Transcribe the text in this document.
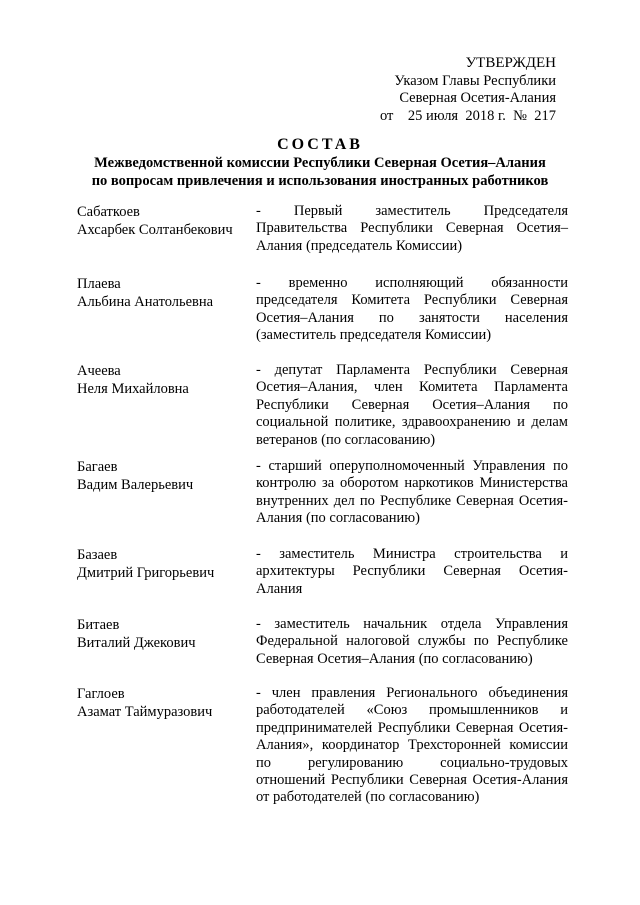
УТВЕРЖДЕН
Указом Главы Республики
Северная Осетия-Алания
от    25 июля  2018 г.  №  217
СОСТАВ
Межведомственной комиссии Республики Северная Осетия–Алания
по вопросам привлечения и использования иностранных работников
Сабаткоев
Ахсарбек Солтанбекович
- Первый заместитель Председателя Правительства Республики Северная Осетия–Алания (председатель Комиссии)
Плаева
Альбина Анатольевна
- временно исполняющий обязанности председателя Комитета Республики Северная Осетия–Алания по занятости населения (заместитель председателя Комиссии)
Ачеева
Неля Михайловна
- депутат Парламента Республики Северная Осетия–Алания, член Комитета Парламента Республики Северная Осетия–Алания по социальной политике, здравоохранению и делам ветеранов (по согласованию)
Багаев
Вадим Валерьевич
- старший оперуполномоченный Управления по контролю за оборотом наркотиков Министерства внутренних дел по Республике Северная Осетия-Алания (по согласованию)
Базаев
Дмитрий Григорьевич
- заместитель Министра строительства и архитектуры Республики Северная Осетия-Алания
Битаев
Виталий Джекович
- заместитель начальник отдела Управления Федеральной налоговой службы по Республике Северная Осетия–Алания (по согласованию)
Гаглоев
Азамат Таймуразович
- член правления Регионального объединения работодателей «Союз промышленников и предпринимателей Республики Северная Осетия-Алания», координатор Трехсторонней комиссии по регулированию социально-трудовых отношений Республики Северная Осетия-Алания от работодателей (по согласованию)
